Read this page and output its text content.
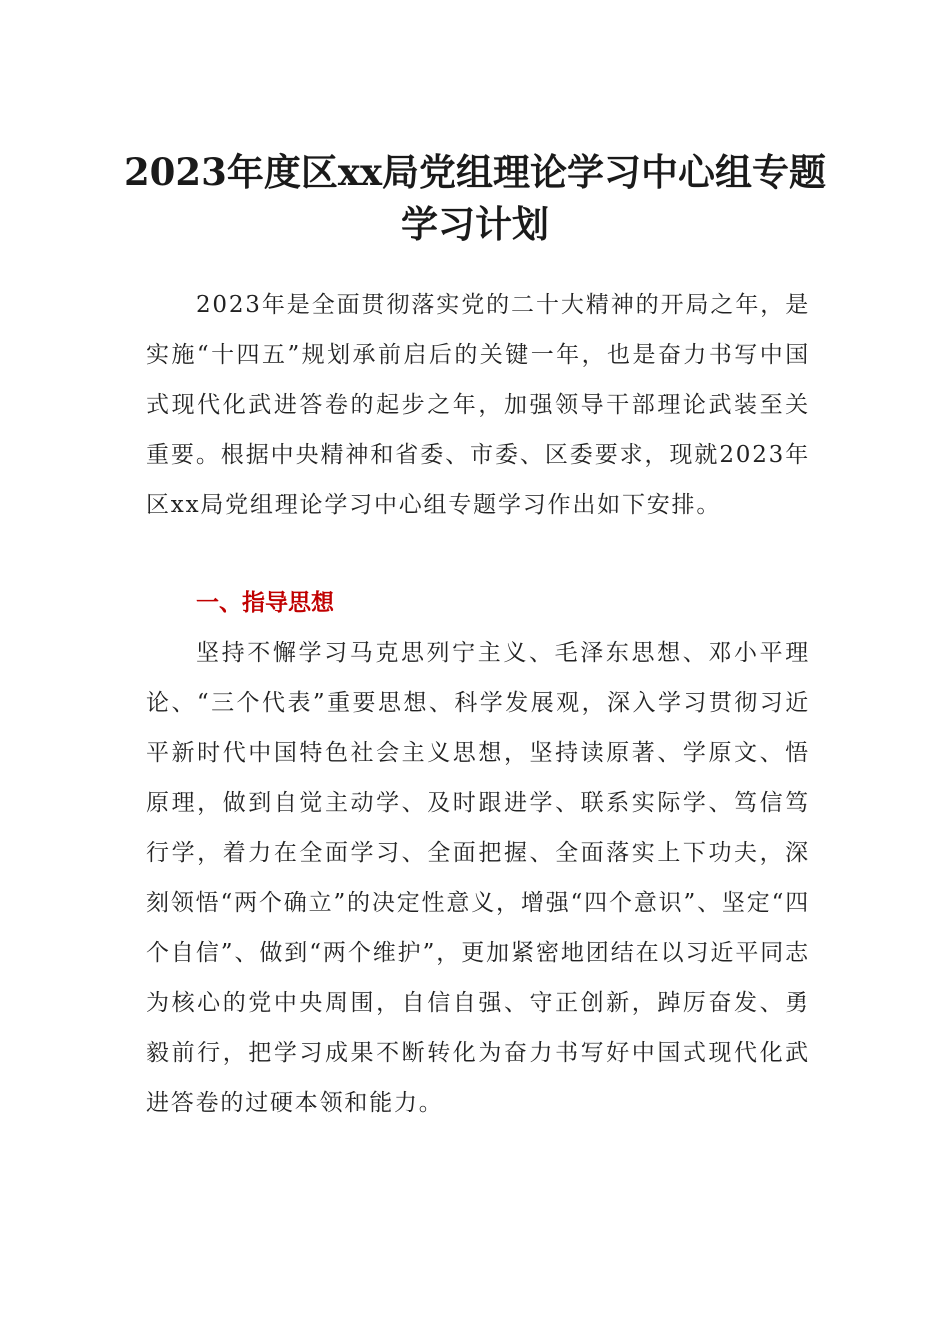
2023年度区xx局党组理论学习中心组专题
学习计划

2023年是全面贯彻落实党的二十大精神的开局之年，是实施“十四五”规划承前启后的关键一年，也是奋力书写中国式现代化武进答卷的起步之年，加强领导干部理论武装至关重要。根据中央精神和省委、市委、区委要求，现就2023年区xx局党组理论学习中心组专题学习作出如下安排。

一、指导思想

坚持不懈学习马克思列宁主义、毛泽东思想、邓小平理论、“三个代表”重要思想、科学发展观，深入学习贯彻习近平新时代中国特色社会主义思想，坚持读原著、学原文、悟原理，做到自觉主动学、及时跟进学、联系实际学、笃信笃行学，着力在全面学习、全面把握、全面落实上下功夫，深刻领悟“两个确立”的决定性意义，增强“四个意识”、坚定“四个自信”、做到“两个维护”，更加紧密地团结在以习近平同志为核心的党中央周围，自信自强、守正创新，踔厉奋发、勇毅前行，把学习成果不断转化为奋力书写好中国式现代化武进答卷的过硬本领和能力。
